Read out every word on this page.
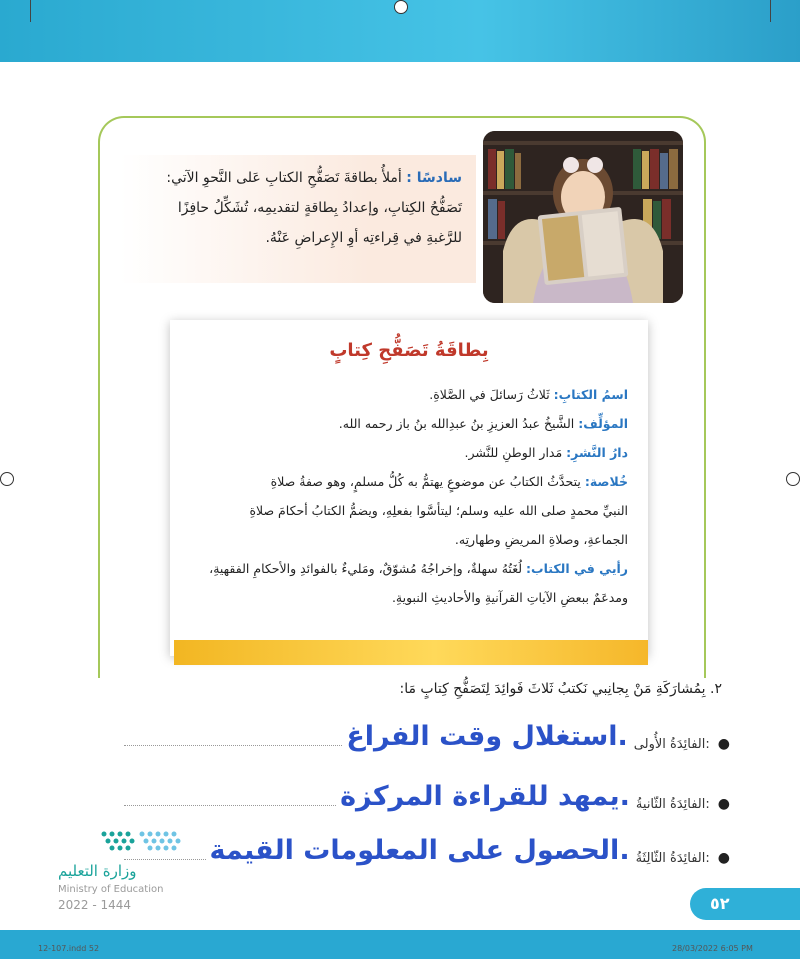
سادسًا : أملأُ بطاقةَ تَصَفُّحِ الكتابِ عَلى النَّحوِ الآتي:
تَصَفُّحُ الكِتابِ، وإعدادُ بِطاقةٍ لتقديمِه، تُشَكِّلُ حافِزًا
للرَّغبةِ في قِراءتِه أوِ الإِعراضِ عَنْهُ.
بِطاقَةُ تَصَفُّحِ كِتابٍ
اسمُ الكتابِ: ثَلاثُ رَسائلَ في الصَّلاةِ.
المؤلِّف: الشَّيخُ عبدُ العزيزِ بنُ عبدِالله بنُ باز رحمه الله.
دارُ النَّشرِ: مَدار الوطنِ للنَّشر.
خُلاصة: يتحدَّثُ الكتابُ عن موضوعٍ يهتمُّ به كُلُّ مسلمٍ، وهو صفةُ صلاةِ
النبيِّ محمدٍ صلى الله عليه وسلم؛ ليتأسَّوا بفعلِهِ، ويضمُّ الكتابُ أحكامَ صلاةِ
الجماعةِ، وصلاةِ المريضِ وطهارتِه.
رأيي في الكتاب: لُغَتُهُ سهلةٌ، وإخراجُهُ مُشوّقٌ، ومَليءٌ بالفوائدِ والأحكامِ الفقهيةِ،
ومدعَمٌ ببعضِ الآياتِ القرآنيةِ والأحاديثِ النبويةِ.
٢. بِمُشارَكَةِ مَنْ بِجانِبي نَكتبُ ثَلاثَ فَوائِدَ لِتَصَفُّحِ كِتابٍ مَا:
●
الفائِدَةُ الأُولى:
استغلال وقت الفراغ.
●
الفائِدَةُ الثّانيةُ:
يمهد للقراءة المركزة.
●
الفائِدَةُ الثّالِثَةُ:
الحصول على المعلومات القيمة.
وزارة التعليم
Ministry of Education
2022 - 1444	٥٢
12-107.indd 52	28/03/2022 6:05 PM
